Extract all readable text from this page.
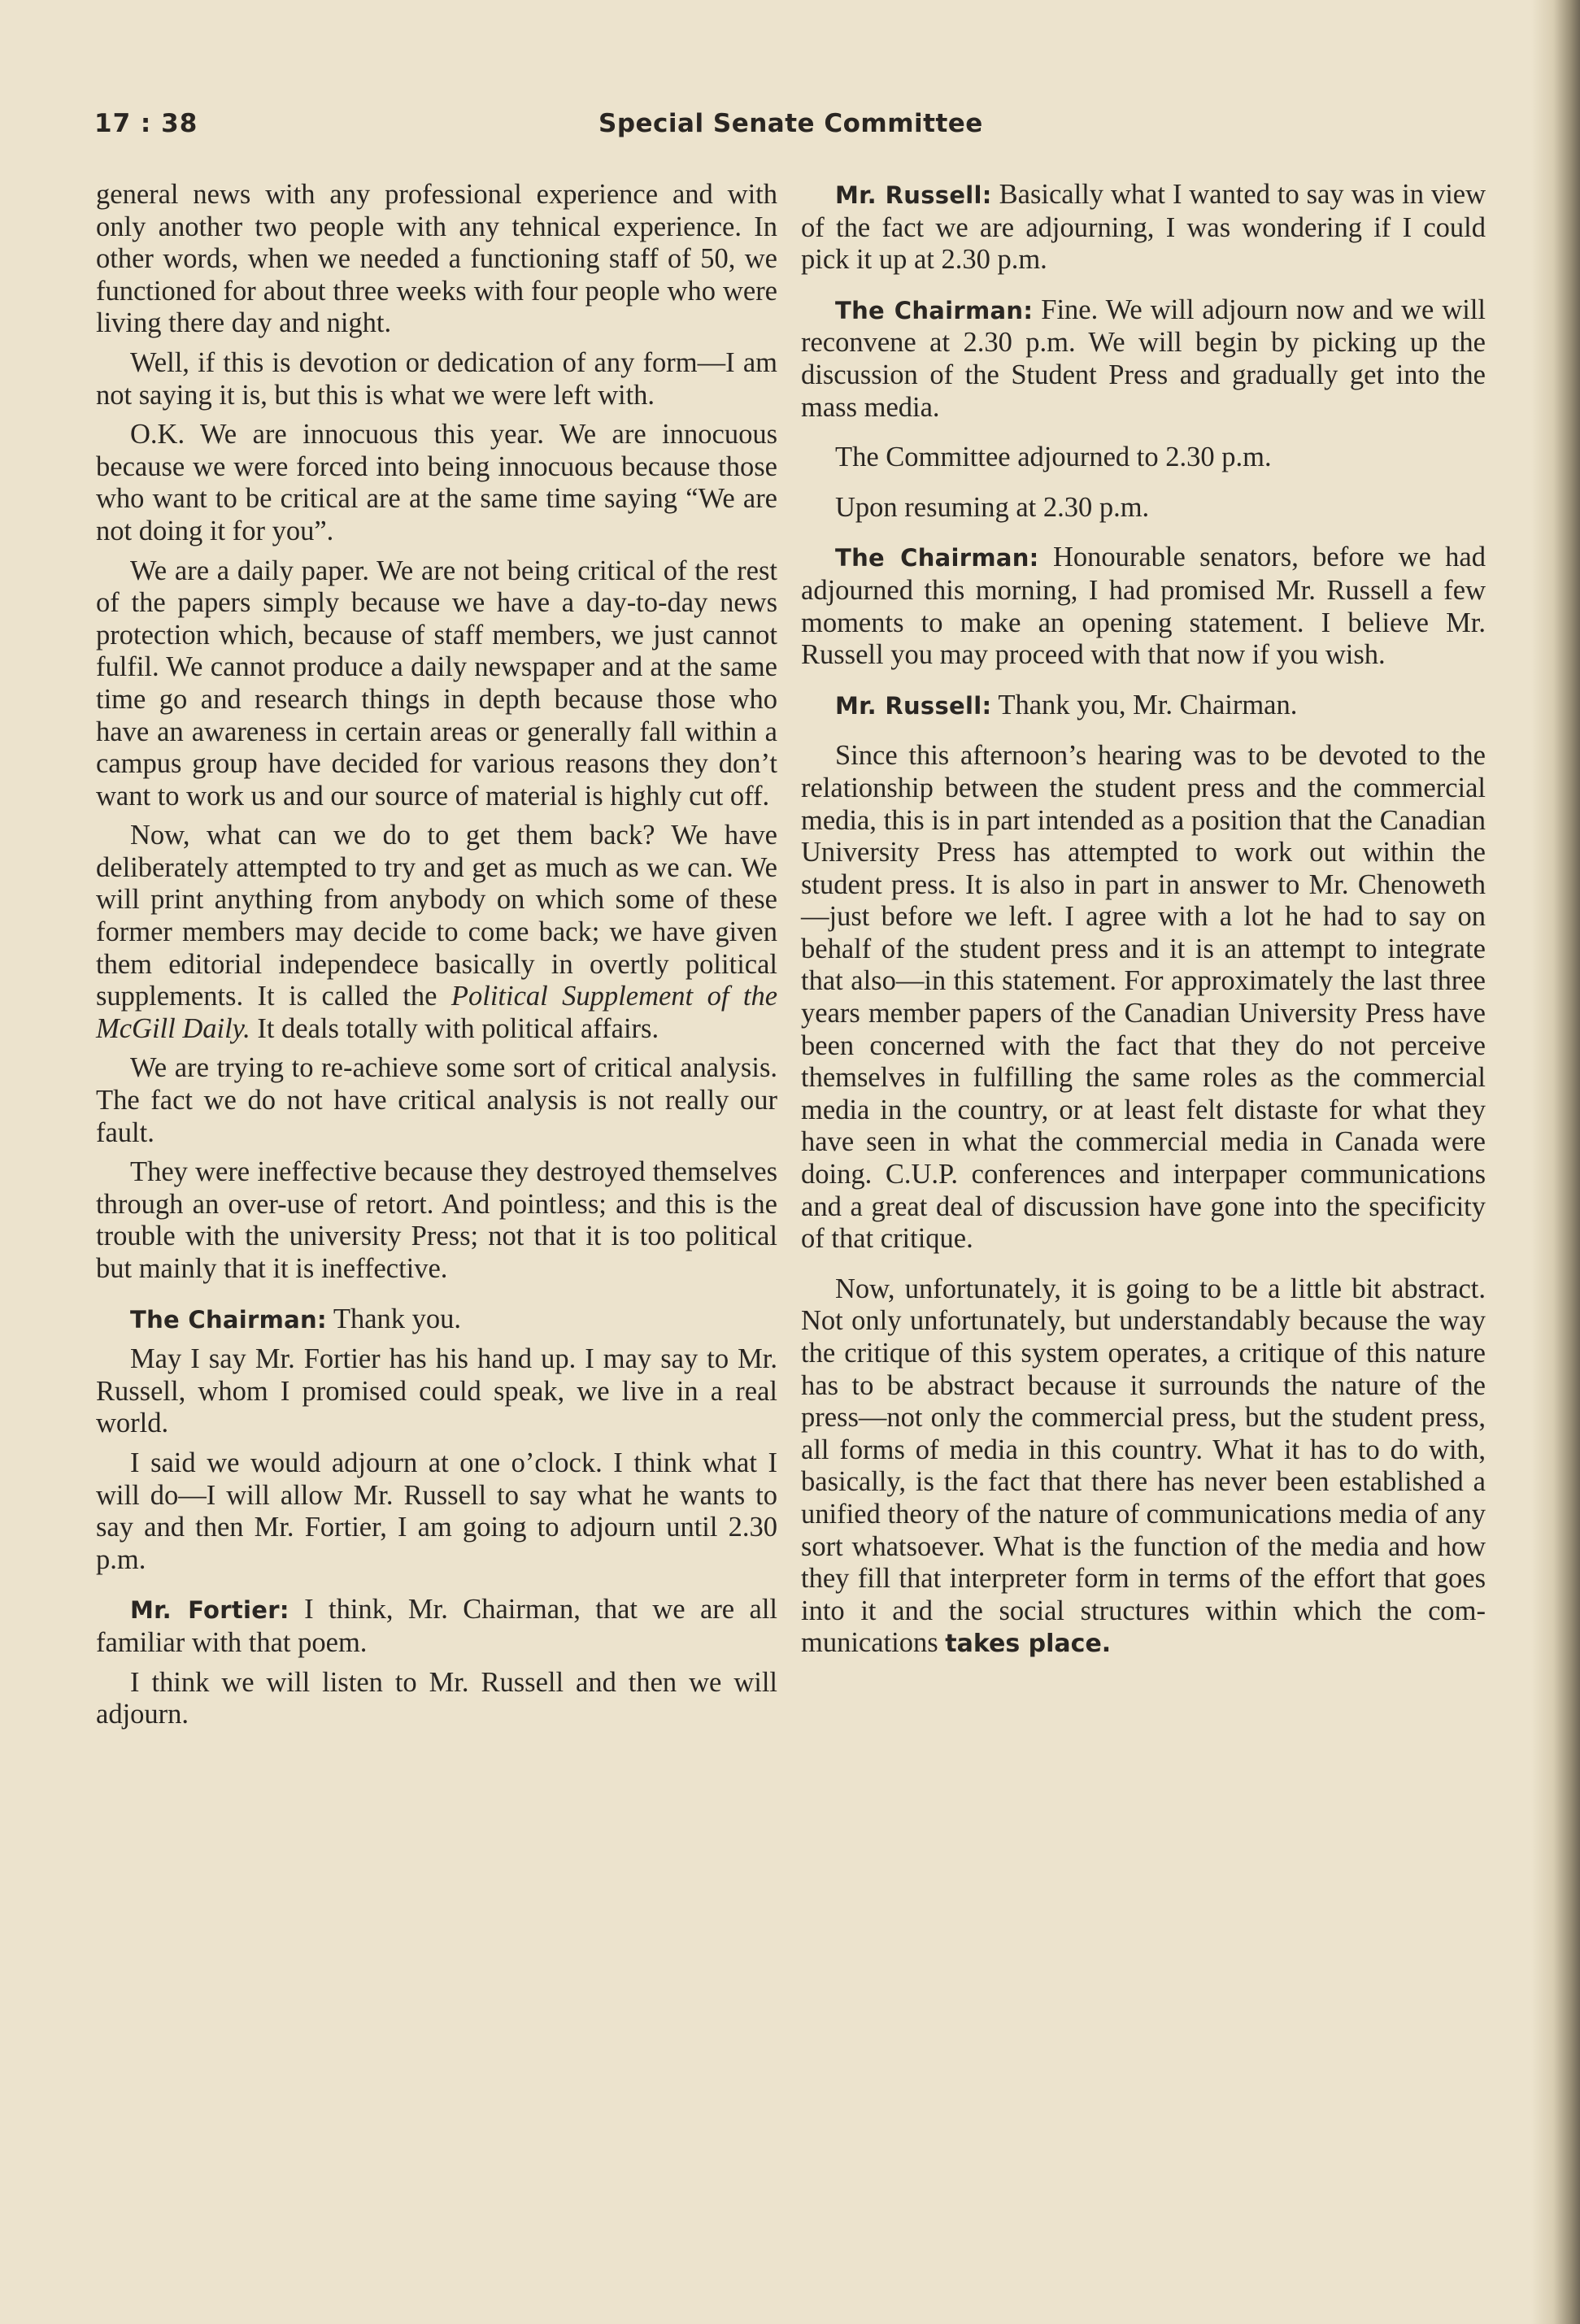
17 : 38	Special Senate Committee

general news with any professional experience and with only another two people with any tehnical experience. In other words, when we needed a functioning staff of 50, we functioned for about three weeks with four people who were living there day and night.

Well, if this is devotion or dedication of any form—I am not saying it is, but this is what we were left with.

O.K. We are innocuous this year. We are innocuous because we were forced into being innocuous because those who want to be critical are at the same time saying “We are not doing it for you”.

We are a daily paper. We are not being critical of the rest of the papers simply because we have a day-to-day news protection which, because of staff members, we just cannot fulfil. We cannot produce a daily newspaper and at the same time go and research things in depth because those who have an awareness in certain areas or generally fall within a campus group have decided for various reasons they don’t want to work us and our source of material is highly cut off.

Now, what can we do to get them back? We have deliberately attempted to try and get as much as we can. We will print anything from anybody on which some of these former members may decide to come back; we have given them editorial independece basically in overtly political supplements. It is called the Political Supplement of the McGill Daily. It deals totally with political affairs.

We are trying to re-achieve some sort of critical analysis. The fact we do not have critical analysis is not really our fault.

They were ineffective because they destroyed themselves through an over-use of retort. And pointless; and this is the trouble with the university Press; not that it is too political but mainly that it is ineffective.

The Chairman: Thank you.

May I say Mr. Fortier has his hand up. I may say to Mr. Russell, whom I promised could speak, we live in a real world.

I said we would adjourn at one o’clock. I think what I will do—I will allow Mr. Russell to say what he wants to say and then Mr. Fortier, I am going to adjourn until 2.30 p.m.

Mr. Fortier: I think, Mr. Chairman, that we are all familiar with that poem.

I think we will listen to Mr. Russell and then we will adjourn.

Mr. Russell: Basically what I wanted to say was in view of the fact we are adjourning, I was wondering if I could pick it up at 2.30 p.m.

The Chairman: Fine. We will adjourn now and we will reconvene at 2.30 p.m. We will begin by picking up the discussion of the Student Press and gradually get into the mass media.

The Committee adjourned to 2.30 p.m.

Upon resuming at 2.30 p.m.

The Chairman: Honourable senators, before we had adjourned this morning, I had promised Mr. Russell a few moments to make an opening statement. I believe Mr. Russell you may proceed with that now if you wish.

Mr. Russell: Thank you, Mr. Chairman.

Since this afternoon’s hearing was to be devoted to the relationship between the student press and the commercial media, this is in part intended as a position that the Canadian University Press has attempted to work out within the student press. It is also in part in answer to Mr. Chenoweth—just before we left. I agree with a lot he had to say on behalf of the student press and it is an attempt to integrate that also—in this statement. For approximately the last three years member papers of the Canadian University Press have been concerned with the fact that they do not perceive themselves in fulfilling the same roles as the commercial media in the country, or at least felt distaste for what they have seen in what the commercial media in Canada were doing. C.U.P. conferences and interpaper communications and a great deal of discussion have gone into the specificity of that critique.

Now, unfortunately, it is going to be a little bit abstract. Not only unfortunately, but understandably because the way the critique of this system operates, a critique of this nature has to be abstract because it surrounds the nature of the press—not only the commercial press, but the student press, all forms of media in this country. What it has to do with, basically, is the fact that there has never been established a unified theory of the nature of communications media of any sort whatsoever. What is the function of the media and how they fill that interpreter form in terms of the effort that goes into it and the social structures within which the communications takes place.
